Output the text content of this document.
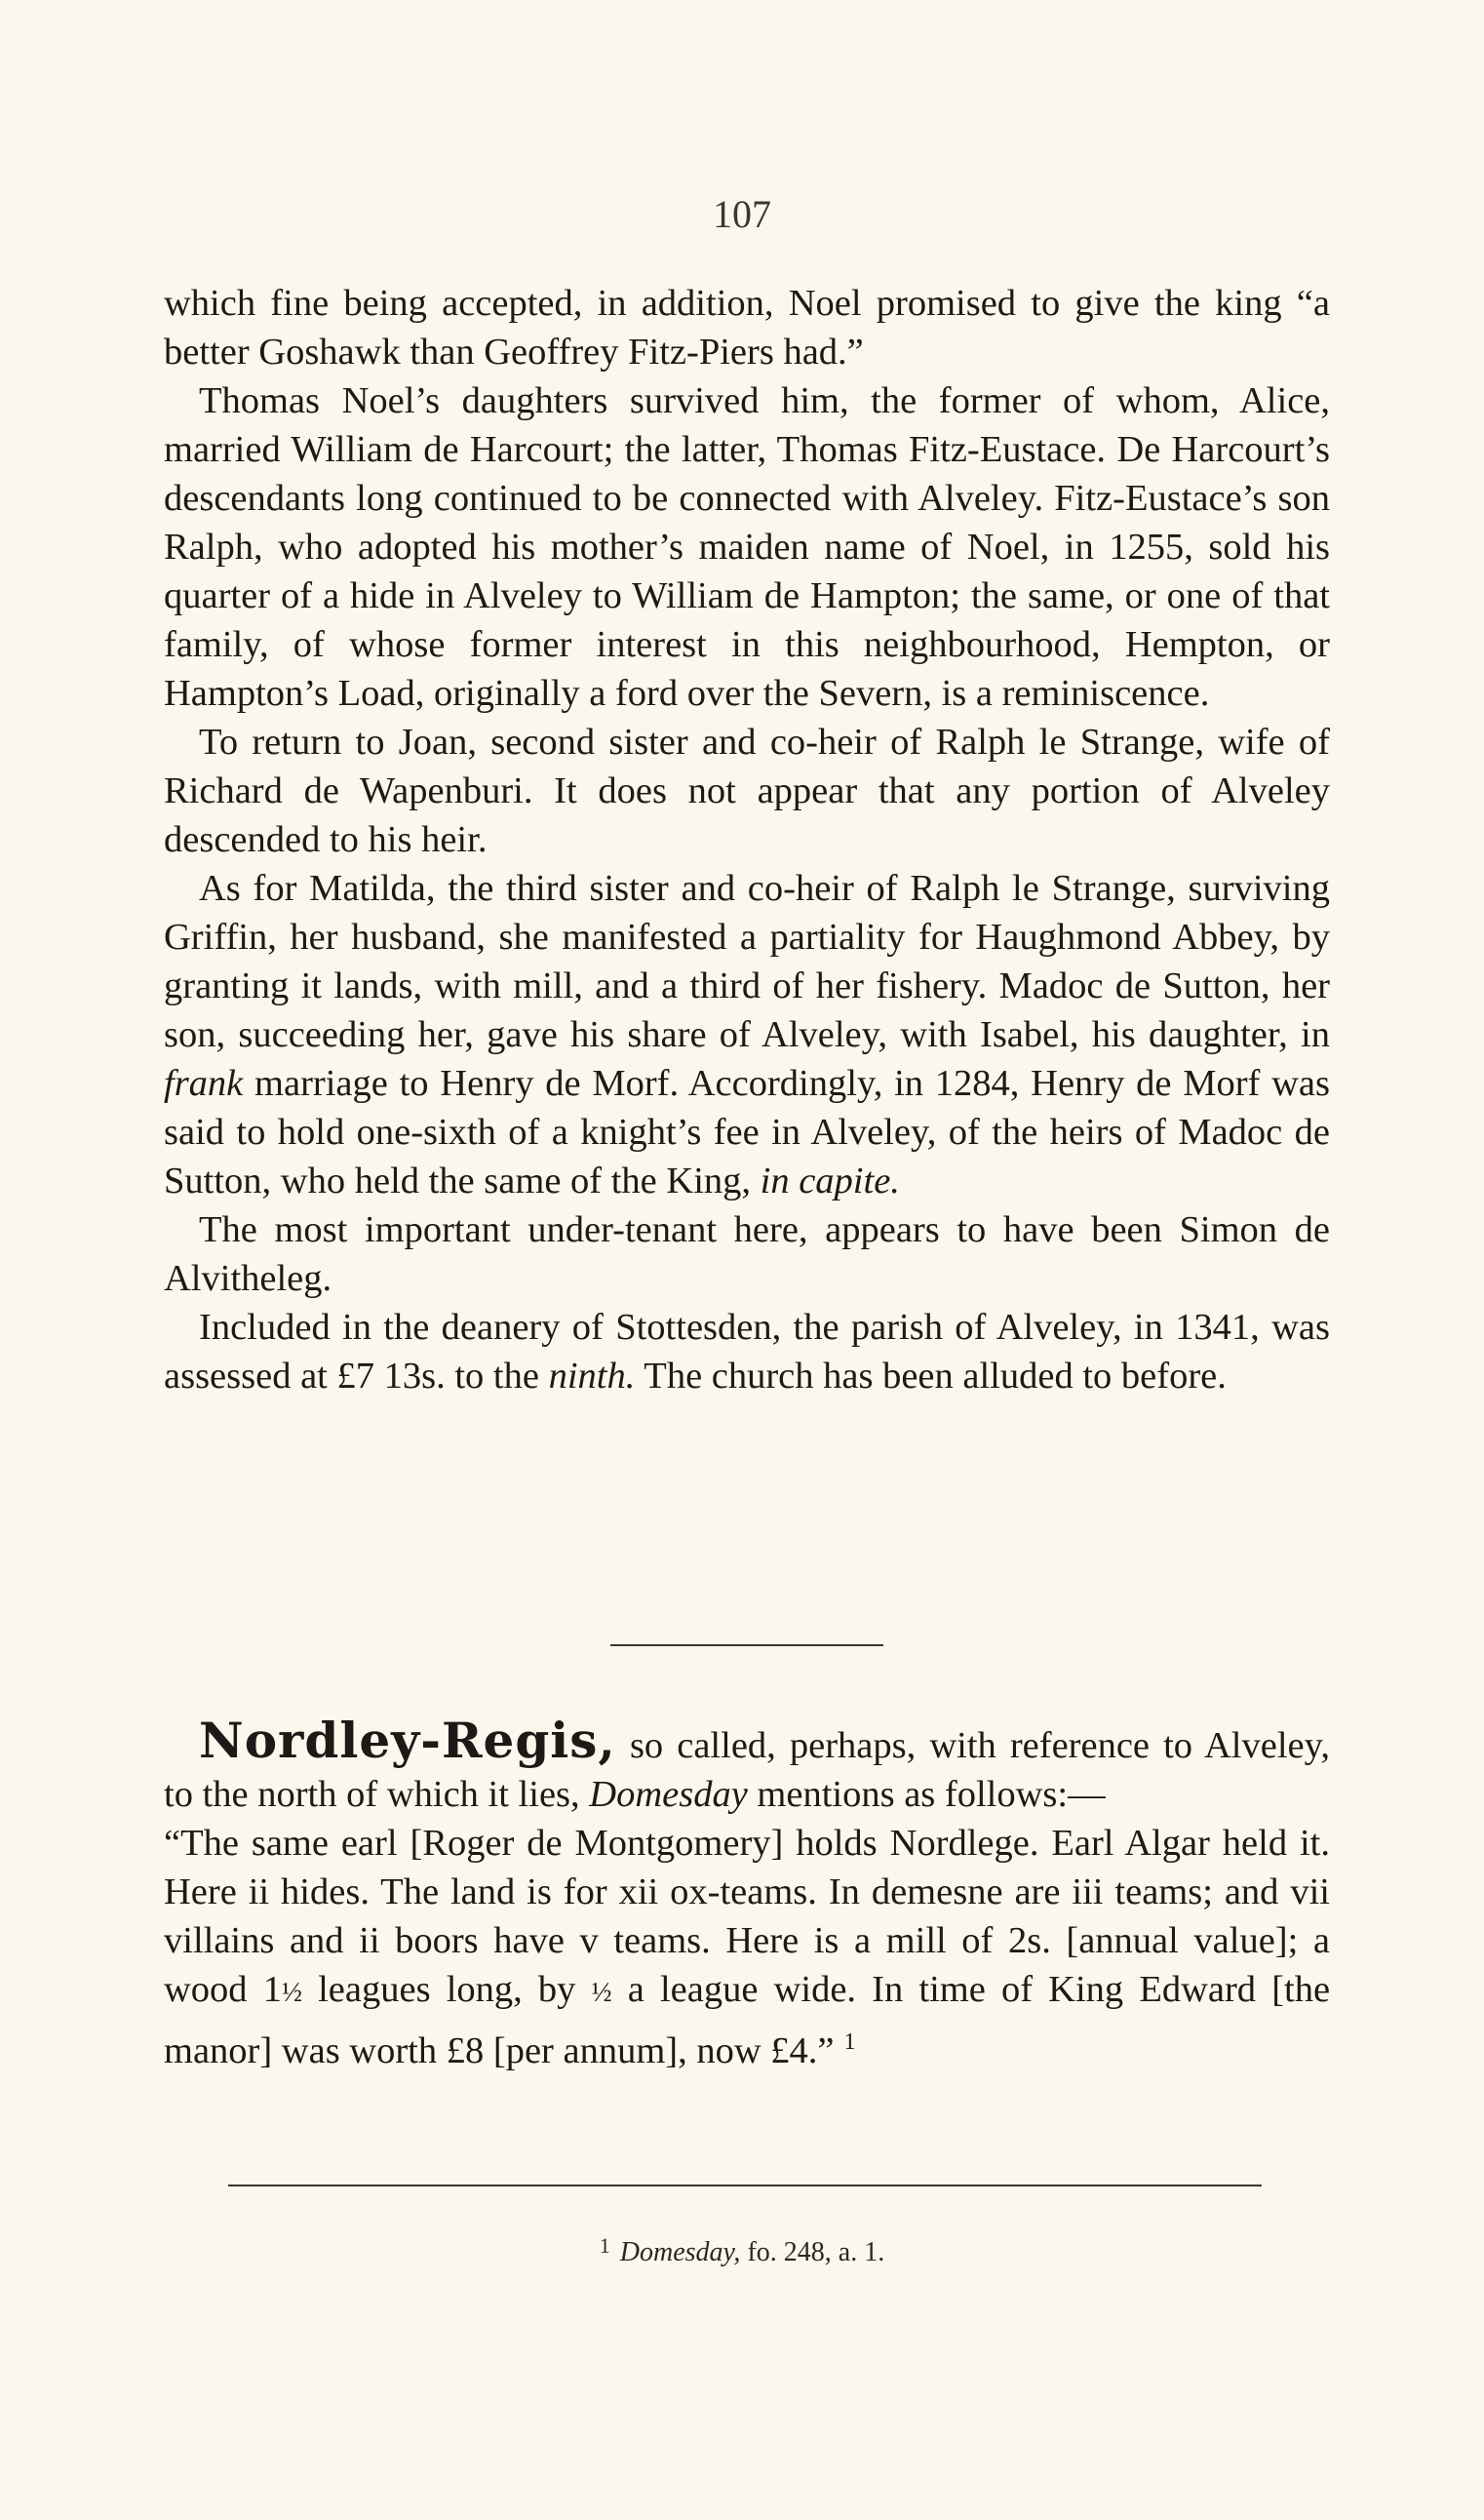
107

which fine being accepted, in addition, Noel promised to give the king “a better Goshawk than Geoffrey Fitz-Piers had.”

Thomas Noel’s daughters survived him, the former of whom, Alice, married William de Harcourt; the latter, Thomas Fitz-Eustace. De Harcourt’s descendants long continued to be connected with Alveley. Fitz-Eustace’s son Ralph, who adopted his mother’s maiden name of Noel, in 1255, sold his quarter of a hide in Alveley to William de Hampton; the same, or one of that family, of whose former interest in this neighbourhood, Hempton, or Hampton’s Load, originally a ford over the Severn, is a reminiscence.

To return to Joan, second sister and co-heir of Ralph le Strange, wife of Richard de Wapenburi. It does not appear that any portion of Alveley descended to his heir.

As for Matilda, the third sister and co-heir of Ralph le Strange, surviving Griffin, her husband, she manifested a partiality for Haughmond Abbey, by granting it lands, with mill, and a third of her fishery. Madoc de Sutton, her son, succeeding her, gave his share of Alveley, with Isabel, his daughter, in frank marriage to Henry de Morf. Accordingly, in 1284, Henry de Morf was said to hold one-sixth of a knight’s fee in Alveley, of the heirs of Madoc de Sutton, who held the same of the King, in capite.

The most important under-tenant here, appears to have been Simon de Alvitheleg.

Included in the deanery of Stottesden, the parish of Alveley, in 1341, was assessed at £7 13s. to the ninth. The church has been alluded to before.

Nordley-Regis, so called, perhaps, with reference to Alveley, to the north of which it lies, Domesday mentions as follows:—

“The same earl [Roger de Montgomery] holds Nordlege. Earl Algar held it. Here ii hides. The land is for xii ox-teams. In demesne are iii teams; and vii villains and ii boors have v teams. Here is a mill of 2s. [annual value]; a wood 1½ leagues long, by ½ a league wide. In time of King Edward [the manor] was worth £8 [per annum], now £4.” $^1$

$^1$ Domesday, fo. 248, a. 1.
